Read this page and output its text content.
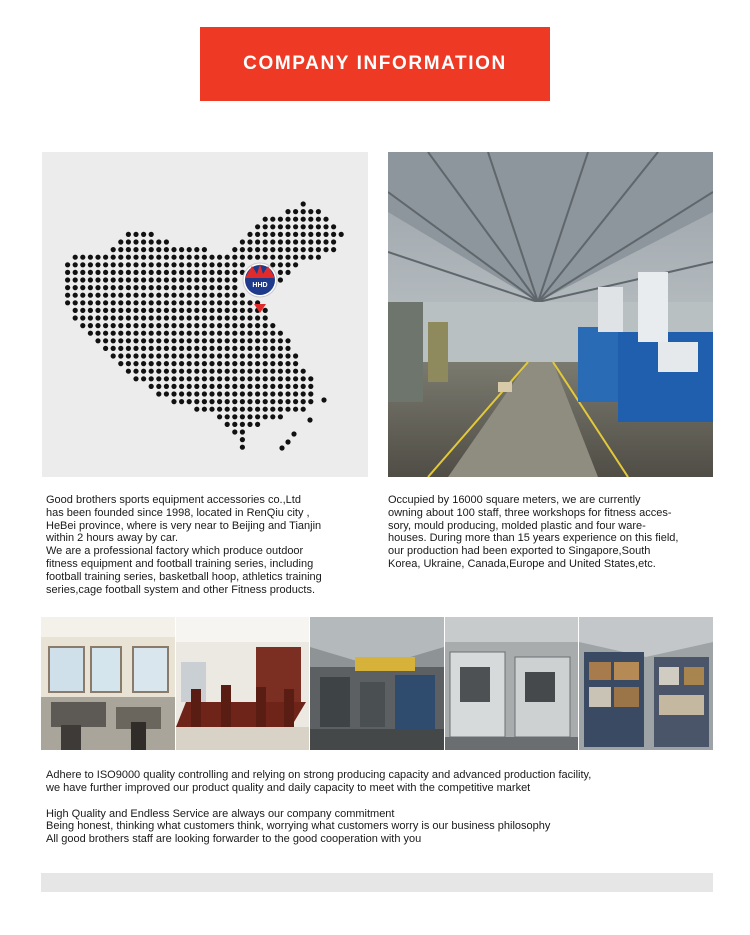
COMPANY INFORMATION
HHD

Good brothers sports equipment accessories co.,Ltd
has been founded since 1998, located in RenQiu city ,
HeBei province, where is very near to Beijing and Tianjin
within 2 hours away by car.

We are a professional factory which produce outdoor
fitness equipment and football training series, including
football training series, basketball hoop, athletics training
series,cage football system and other Fitness products.

Occupied by 16000 square meters, we are currently
owning about 100 staff, three workshops for fitness acces-
sory, mould producing, molded plastic and four ware-
houses. During more than 15 years experience on this field,
our production had been exported to Singapore,South
Korea, Ukraine, Canada,Europe and United States,etc.

Adhere to ISO9000 quality controlling and relying on strong producing capacity and advanced production facility,
we have further improved our product quality and daily capacity to meet with the competitive market

High Quality and Endless Service are always our company commitment

Being honest, thinking what customers think, worrying what customers worry is our business philosophy

All good brothers staff are looking forwarder to the good cooperation with you
